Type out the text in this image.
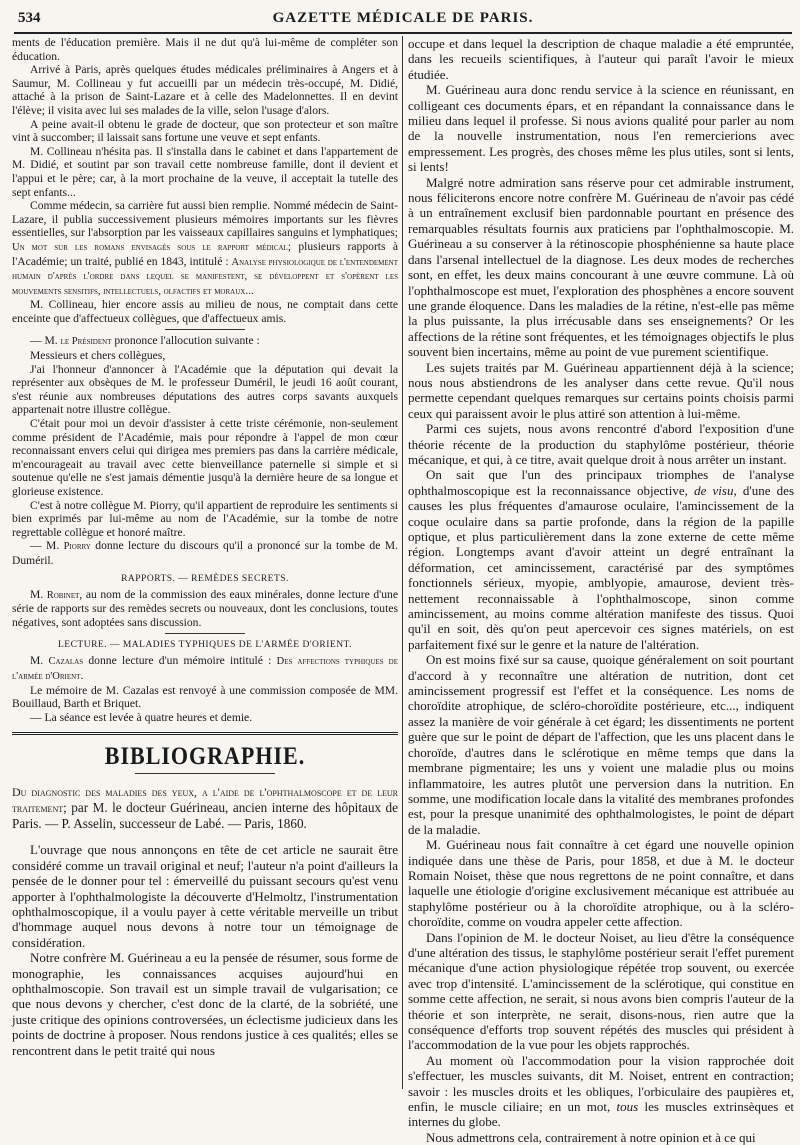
534	GAZETTE MÉDICALE DE PARIS.

ments de l'éducation première. Mais il ne dut qu'à lui-même de compléter son éducation.

Arrivé à Paris, après quelques études médicales préliminaires à Angers et à Saumur, M. Collineau y fut accueilli par un médecin très-occupé, M. Didié, attaché à la prison de Saint-Lazare et à celle des Madelonnettes. Il en devint l'élève; il visita avec lui ses malades de la ville, selon l'usage d'alors.

A peine avait-il obtenu le grade de docteur, que son protecteur et son maître vint à succomber; il laissait sans fortune une veuve et sept enfants.

M. Collineau n'hésita pas. Il s'installa dans le cabinet et dans l'appartement de M. Didié, et soutint par son travail cette nombreuse famille, dont il devient et l'appui et le père; car, à la mort prochaine de la veuve, il acceptait la tutelle des sept enfants...

Comme médecin, sa carrière fut aussi bien remplie. Nommé médecin de Saint-Lazare, il publia successivement plusieurs mémoires importants sur les fièvres essentielles, sur l'absorption par les vaisseaux capillaires sanguins et lymphatiques; Un mot sur les romans envisagés sous le rapport médical; plusieurs rapports à l'Académie; un traité, publié en 1843, intitulé : Analyse physiologique de l'entendement humain d'après l'ordre dans lequel se manifestent, se développent et s'opèrent les mouvements sensitifs, intellectuels, olfactifs et moraux...

M. Collineau, hier encore assis au milieu de nous, ne comptait dans cette enceinte que d'affectueux collègues, que d'affectueux amis.

— M. le Président prononce l'allocution suivante :

Messieurs et chers collègues,

J'ai l'honneur d'annoncer à l'Académie que la députation qui devait la représenter aux obsèques de M. le professeur Duméril, le jeudi 16 août courant, s'est réunie aux nombreuses députations des autres corps savants auxquels appartenait notre illustre collègue.

C'était pour moi un devoir d'assister à cette triste cérémonie, non-seulement comme président de l'Académie, mais pour répondre à l'appel de mon cœur reconnaissant envers celui qui dirigea mes premiers pas dans la carrière médicale, m'encourageait au travail avec cette bienveillance paternelle si simple et si soutenue qu'elle ne s'est jamais démentie jusqu'à la dernière heure de sa longue et glorieuse existence.

C'est à notre collègue M. Piorry, qu'il appartient de reproduire les sentiments si bien exprimés par lui-même au nom de l'Académie, sur la tombe de notre regrettable collègue et honoré maître.

— M. Piorry donne lecture du discours qu'il a prononcé sur la tombe de M. Duméril.

RAPPORTS. — REMÈDES SECRETS.

M. Robinet, au nom de la commission des eaux minérales, donne lecture d'une série de rapports sur des remèdes secrets ou nouveaux, dont les conclusions, toutes négatives, sont adoptées sans discussion.

LECTURE. — MALADIES TYPHIQUES DE L'ARMÉE D'ORIENT.

M. Cazalas donne lecture d'un mémoire intitulé : Des affections typhiques de l'armée d'Orient.

Le mémoire de M. Cazalas est renvoyé à une commission composée de MM. Bouillaud, Barth et Briquet.

— La séance est levée à quatre heures et demie.

BIBLIOGRAPHIE.

Du diagnostic des maladies des yeux, a l'aide de l'ophthalmoscope et de leur traitement; par M. le docteur Guérineau, ancien interne des hôpitaux de Paris. — P. Asselin, successeur de Labé. — Paris, 1860.

L'ouvrage que nous annonçons en tête de cet article ne saurait être considéré comme un travail original et neuf; l'auteur n'a point d'ailleurs la pensée de le donner pour tel : émerveillé du puissant secours qu'est venu apporter à l'ophthalmologiste la découverte d'Helmoltz, l'instrumentation ophthalmoscopique, il a voulu payer à cette véritable merveille un tribut d'hommage auquel nous devons à notre tour un témoignage de considération.

Notre confrère M. Guérineau a eu la pensée de résumer, sous forme de monographie, les connaissances acquises aujourd'hui en ophthalmoscopie. Son travail est un simple travail de vulgarisation; ce que nous devons y chercher, c'est donc de la clarté, de la sobriété, une juste critique des opinions controversées, un éclectisme judicieux dans les points de doctrine à proposer. Nous rendons justice à ces qualités; elles se rencontrent dans le petit traité qui nous

occupe et dans lequel la description de chaque maladie a été empruntée, dans les recueils scientifiques, à l'auteur qui paraît l'avoir le mieux étudiée.

M. Guérineau aura donc rendu service à la science en réunissant, en colligeant ces documents épars, et en répandant la connaissance dans le milieu dans lequel il professe. Si nous avions qualité pour parler au nom de la nouvelle instrumentation, nous l'en remercierions avec empressement. Les progrès, des choses même les plus utiles, sont si lents, si lents!

Malgré notre admiration sans réserve pour cet admirable instrument, nous féliciterons encore notre confrère M. Guérineau de n'avoir pas cédé à un entraînement exclusif bien pardonnable pourtant en présence des remarquables résultats fournis aux praticiens par l'ophthalmoscopie. M. Guérineau a su conserver à la rétinoscopie phosphénienne sa haute place dans l'arsenal intellectuel de la diagnose. Les deux modes de recherches sont, en effet, les deux mains concourant à une œuvre commune. Là où l'ophthalmoscope est muet, l'exploration des phosphènes a encore souvent une grande éloquence. Dans les maladies de la rétine, n'est-elle pas même la plus puissante, la plus irrécusable dans ses enseignements? Or les affections de la rétine sont fréquentes, et les témoignages objectifs le plus souvent bien incertains, même au point de vue purement scientifique.

Les sujets traités par M. Guérineau appartiennent déjà à la science; nous nous abstiendrons de les analyser dans cette revue. Qu'il nous permette cependant quelques remarques sur certains points choisis parmi ceux qui paraissent avoir le plus attiré son attention à lui-même.

Parmi ces sujets, nous avons rencontré d'abord l'exposition d'une théorie récente de la production du staphylôme postérieur, théorie mécanique, et qui, à ce titre, avait quelque droit à nous arrêter un instant.

On sait que l'un des principaux triomphes de l'analyse ophthalmoscopique est la reconnaissance objective, de visu, d'une des causes les plus fréquentes d'amaurose oculaire, l'amincissement de la coque oculaire dans sa partie profonde, dans la région de la papille optique, et plus particulièrement dans la zone externe de cette même région. Longtemps avant d'avoir atteint un degré entraînant la déformation, cet amincissement, caractérisé par des symptômes fonctionnels sérieux, myopie, amblyopie, amaurose, devient très-nettement reconnaissable à l'ophthalmoscope, sinon comme amincissement, au moins comme altération manifeste des tissus. Quoi qu'il en soit, dès qu'on peut apercevoir ces signes matériels, on est parfaitement fixé sur le genre et la nature de l'altération.

On est moins fixé sur sa cause, quoique généralement on soit pourtant d'accord à y reconnaître une altération de nutrition, dont cet amincissement progressif est l'effet et la conséquence. Les noms de choroïdite atrophique, de scléro-choroïdite postérieure, etc..., indiquent assez la manière de voir générale à cet égard; les dissentiments ne portent guère que sur le point de départ de l'affection, que les uns placent dans le choroïde, d'autres dans le sclérotique en même temps que dans la membrane pigmentaire; les uns y voient une maladie plus ou moins inflammatoire, les autres plutôt une perversion dans la nutrition. En somme, une modification locale dans la vitalité des membranes profondes est, pour la presque unanimité des ophthalmologistes, le point de départ de la maladie.

M. Guérineau nous fait connaître à cet égard une nouvelle opinion indiquée dans une thèse de Paris, pour 1858, et due à M. le docteur Romain Noiset, thèse que nous regrettons de ne point connaître, et dans laquelle une étiologie d'origine exclusivement mécanique est attribuée au staphylôme postérieur ou à la choroïdite atrophique, ou à la scléro-choroïdite, comme on voudra appeler cette affection.

Dans l'opinion de M. le docteur Noiset, au lieu d'être la conséquence d'une altération des tissus, le staphylôme postérieur serait l'effet purement mécanique d'une action physiologique répétée trop souvent, ou exercée avec trop d'intensité. L'amincissement de la sclérotique, qui constitue en somme cette affection, ne serait, si nous avons bien compris l'auteur de la théorie et son interprète, ne serait, disons-nous, rien autre que la conséquence d'efforts trop souvent répétés des muscles qui président à l'accommodation de la vue pour les objets rapprochés.

Au moment où l'accommodation pour la vision rapprochée doit s'effectuer, les muscles suivants, dit M. Noiset, entrent en contraction; savoir : les muscles droits et les obliques, l'orbiculaire des paupières et, enfin, le muscle ciliaire; en un mot, tous les muscles extrinsèques et internes du globe.

Nous admettrons cela, contrairement à notre opinion et à ce qui
